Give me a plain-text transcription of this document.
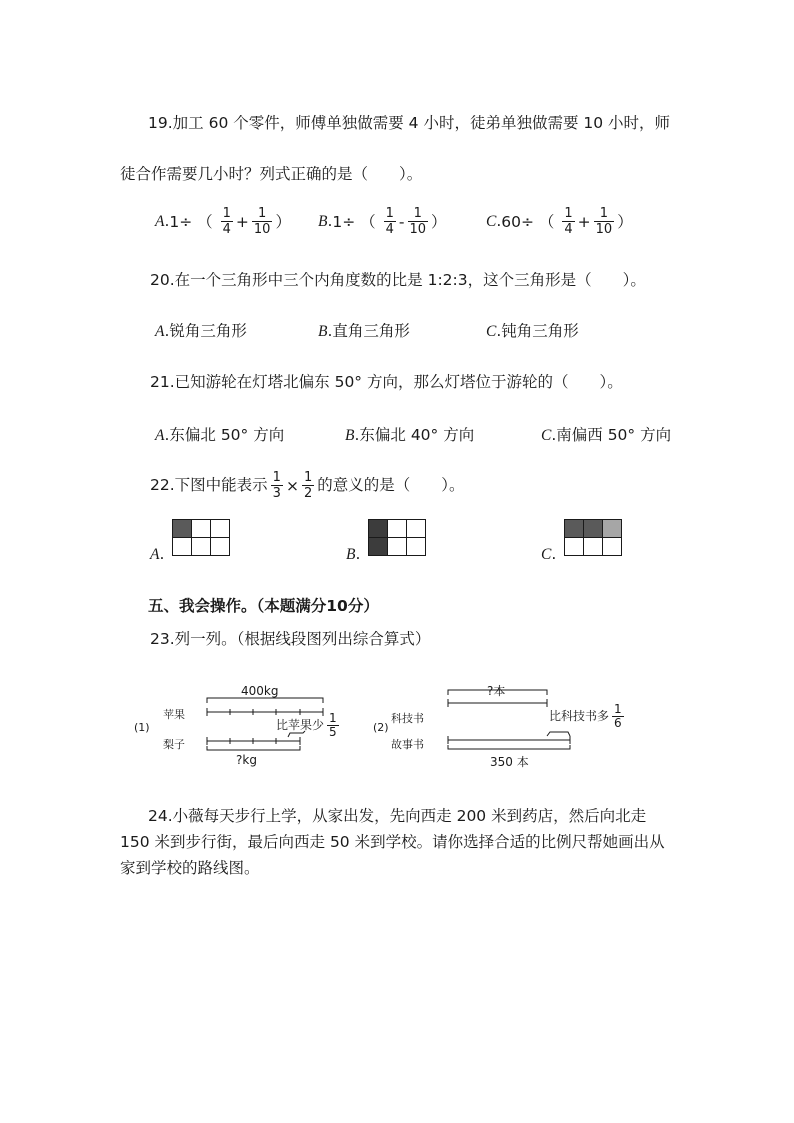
19.加工 60 个零件，师傅单独做需要 4 小时，徒弟单独做需要 10 小时，师
徒合作需要几小时？列式正确的是（　　）。
A.1÷ （ $\frac{1}{4} + \frac{1}{10}$ ） B.1÷ （ $\frac{1}{4} - \frac{1}{10}$ ）	C.60÷ （ $\frac{1}{4} + \frac{1}{10}$ ）
20.在一个三角形中三个内角度数的比是 1:2:3，这个三角形是（　　）。
A.锐角三角形	B.直角三角形	C.钝角三角形
21.已知游轮在灯塔北偏东 50° 方向，那么灯塔位于游轮的（　　）。
A.东偏北 50° 方向	B.东偏北 40° 方向	C.南偏西 50° 方向
22.下图中能表示 $\frac{1}{3} \times \frac{1}{2}$ 的意义的是（　　）。
A.	B.	C.
五、我会操作。（本题满分10分）
23.列一列。（根据线段图列出综合算式）
400kg
(1)
苹果
梨子
比苹果少 $\frac{1}{5}$
?kg
?本
(2)
科技书
故事书
比科技书多 $\frac{1}{6}$
350 本
24.小薇每天步行上学，从家出发，先向西走 200 米到药店，然后向北走
150 米到步行街，最后向西走 50 米到学校。请你选择合适的比例尺帮她画出从
家到学校的路线图。
